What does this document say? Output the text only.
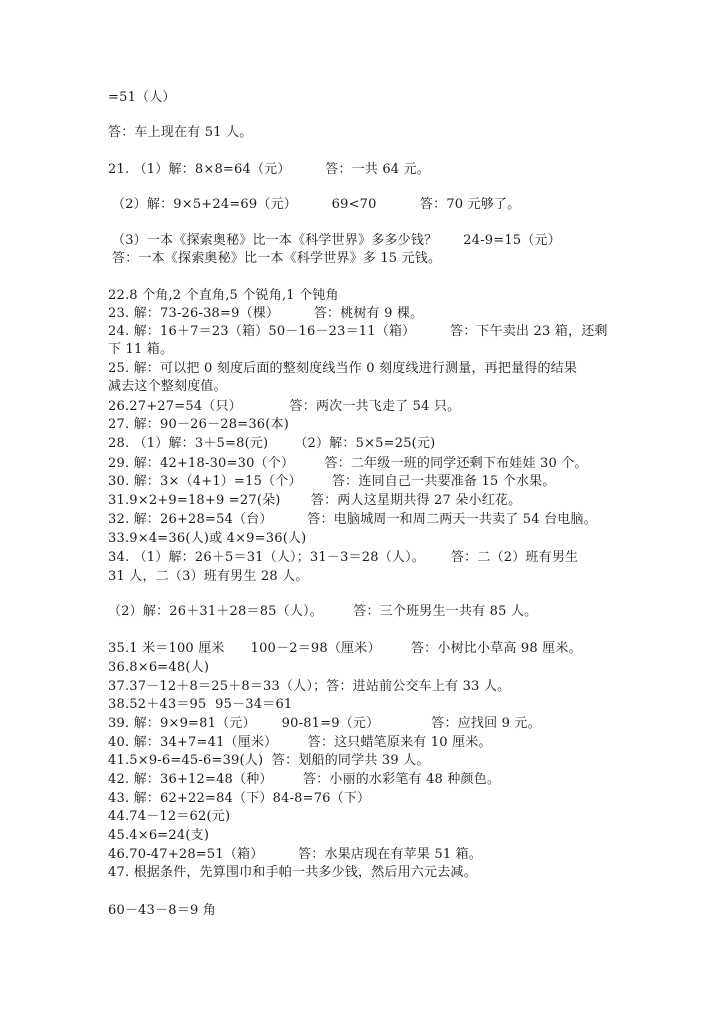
=51（人）
答：车上现在有 51 人。
21. （1）解：8×8=64（元）        答：一共 64 元。
（2）解：9×5+24=69（元）        69<70          答：70 元够了。
（3）一本《探索奥秘》比一本《科学世界》多多少钱？      24-9=15（元）
答：一本《探索奥秘》比一本《科学世界》多 15 元钱。
22.8 个角,2 个直角,5 个锐角,1 个钝角
23. 解：73-26-38=9（棵）        答：桃树有 9 棵。
24. 解：16＋7＝23（箱）50－16－23＝11（箱）        答：下午卖出 23 箱，还剩
下 11 箱。
25. 解：可以把 0 刻度后面的整刻度线当作 0 刻度线进行测量，再把量得的结果
减去这个整刻度值。
26.27+27=54（只）           答：两次一共飞走了 54 只。
27. 解：90－26－28=36(本)
28. （1）解：3＋5=8(元)      （2）解：5×5=25(元)
29. 解：42+18-30=30（个）       答：二年级一班的同学还剩下布娃娃 30 个。
30. 解：3×（4+1）=15（个）       答：连同自己一共要准备 15 个水果。
31.9×2+9=18+9 =27(朵)       答：两人这星期共得 27 朵小红花。
32. 解：26+28=54（台）        答：电脑城周一和周二两天一共卖了 54 台电脑。
33.9×4=36(人)或 4×9=36(人)
34. （1）解：26＋5＝31（人）；31－3＝28（人）。      答：二（2）班有男生
31 人，二（3）班有男生 28 人。
（2）解：26＋31＋28＝85（人）。       答：三个班男生一共有 85 人。
35.1 米＝100 厘米      100－2＝98（厘米）       答：小树比小草高 98 厘米。
36.8×6=48(人)
37.37－12＋8＝25＋8＝33（人）；答：进站前公交车上有 33 人。
38.52＋43＝95  95－34＝61
39. 解：9×9=81（元）      90-81=9（元）            答：应找回 9 元。
40. 解：34+7=41（厘米）       答：这只蜡笔原来有 10 厘米。
41.5×9-6=45-6=39(人)  答：划船的同学共 39 人。
42. 解：36+12=48（种）       答：小丽的水彩笔有 48 种颜色。
43. 解：62+22=84（下）84-8=76（下）
44.74－12＝62(元)
45.4×6=24(支)
46.70-47+28=51（箱）        答：水果店现在有苹果 51 箱。
47. 根据条件，先算围巾和手帕一共多少钱，然后用六元去减。
60－43－8＝9 角
